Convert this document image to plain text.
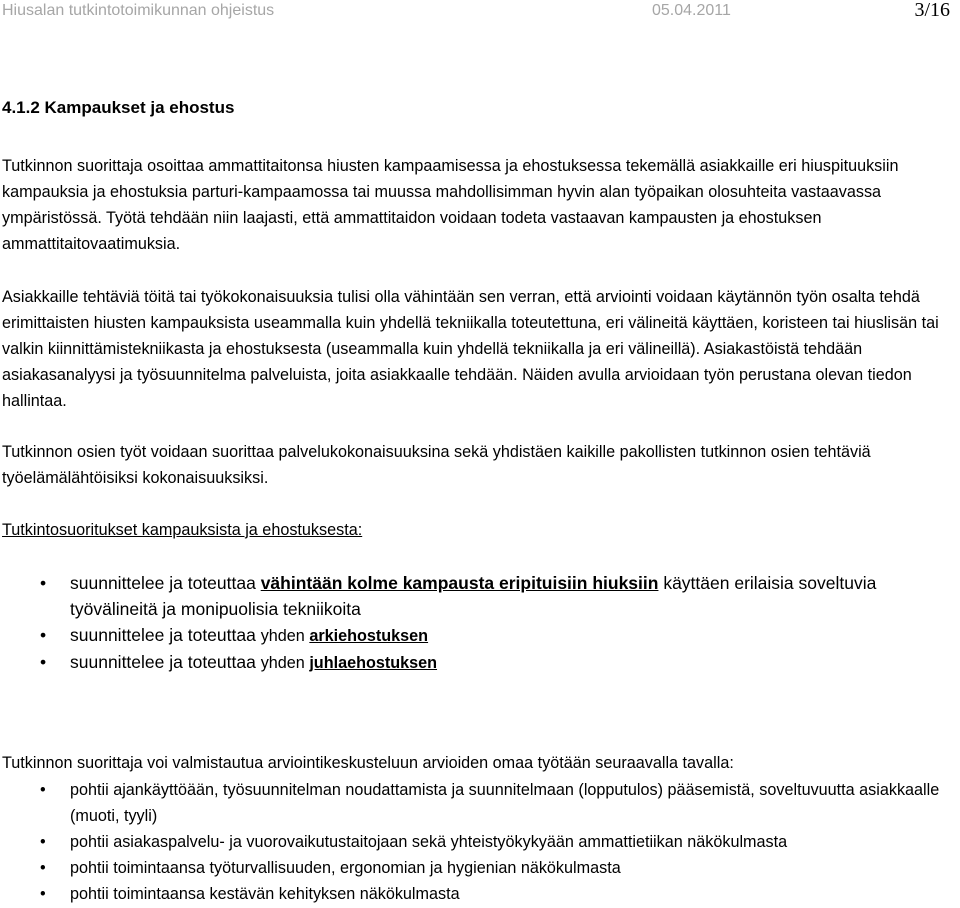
Hiusalan tutkintotoimikunnan ohjeistus	05.04.2011	3/16
4.1.2 Kampaukset ja ehostus

Tutkinnon suorittaja osoittaa ammattitaitonsa hiusten kampaamisessa ja ehostuksessa tekemällä asiakkaille eri hiuspituuksiin kampauksia ja ehostuksia parturi-kampaamossa tai muussa mahdollisimman hyvin alan työpaikan olosuhteita vastaavassa ympäristössä. Työtä tehdään niin laajasti, että ammattitaidon voidaan todeta vastaavan kampausten ja ehostuksen ammattitaitovaatimuksia.

Asiakkaille tehtäviä töitä tai työkokonaisuuksia tulisi olla vähintään sen verran, että arviointi voidaan käytännön työn osalta tehdä erimittaisten hiusten kampauksista useammalla kuin yhdellä tekniikalla toteutettuna, eri välineitä käyttäen, koristeen tai hiuslisän tai valkin kiinnittämistekniikasta ja ehostuksesta (useammalla kuin yhdellä tekniikalla ja eri välineillä). Asiakastöistä tehdään asiakasanalyysi ja työsuunnitelma palveluista, joita asiakkaalle tehdään. Näiden avulla arvioidaan työn perustana olevan tiedon hallintaa.

Tutkinnon osien työt voidaan suorittaa palvelukokonaisuuksina sekä yhdistäen kaikille pakollisten tutkinnon osien tehtäviä työelämälähtöisiksi kokonaisuuksiksi.

Tutkintosuoritukset kampauksista ja ehostuksesta:
• suunnittelee ja toteuttaa vähintään kolme kampausta eripituisiin hiuksiin käyttäen erilaisia soveltuvia työvälineitä ja monipuolisia tekniikoita
• suunnittelee ja toteuttaa yhden arkiehostuksen
• suunnittelee ja toteuttaa yhden juhlaehostuksen

Tutkinnon suorittaja voi valmistautua arviointikeskusteluun arvioiden omaa työtään seuraavalla tavalla:

• pohtii ajankäyttöään, työsuunnitelman noudattamista ja suunnitelmaan (lopputulos) pääsemistä, soveltuvuutta asiakkaalle (muoti, tyyli)
• pohtii asiakaspalvelu- ja vuorovaikutustaitojaan sekä yhteistyökykyään ammattietiikan näkökulmasta
• pohtii toimintaansa työturvallisuuden, ergonomian ja hygienian näkökulmasta
• pohtii toimintaansa kestävän kehityksen näkökulmasta
